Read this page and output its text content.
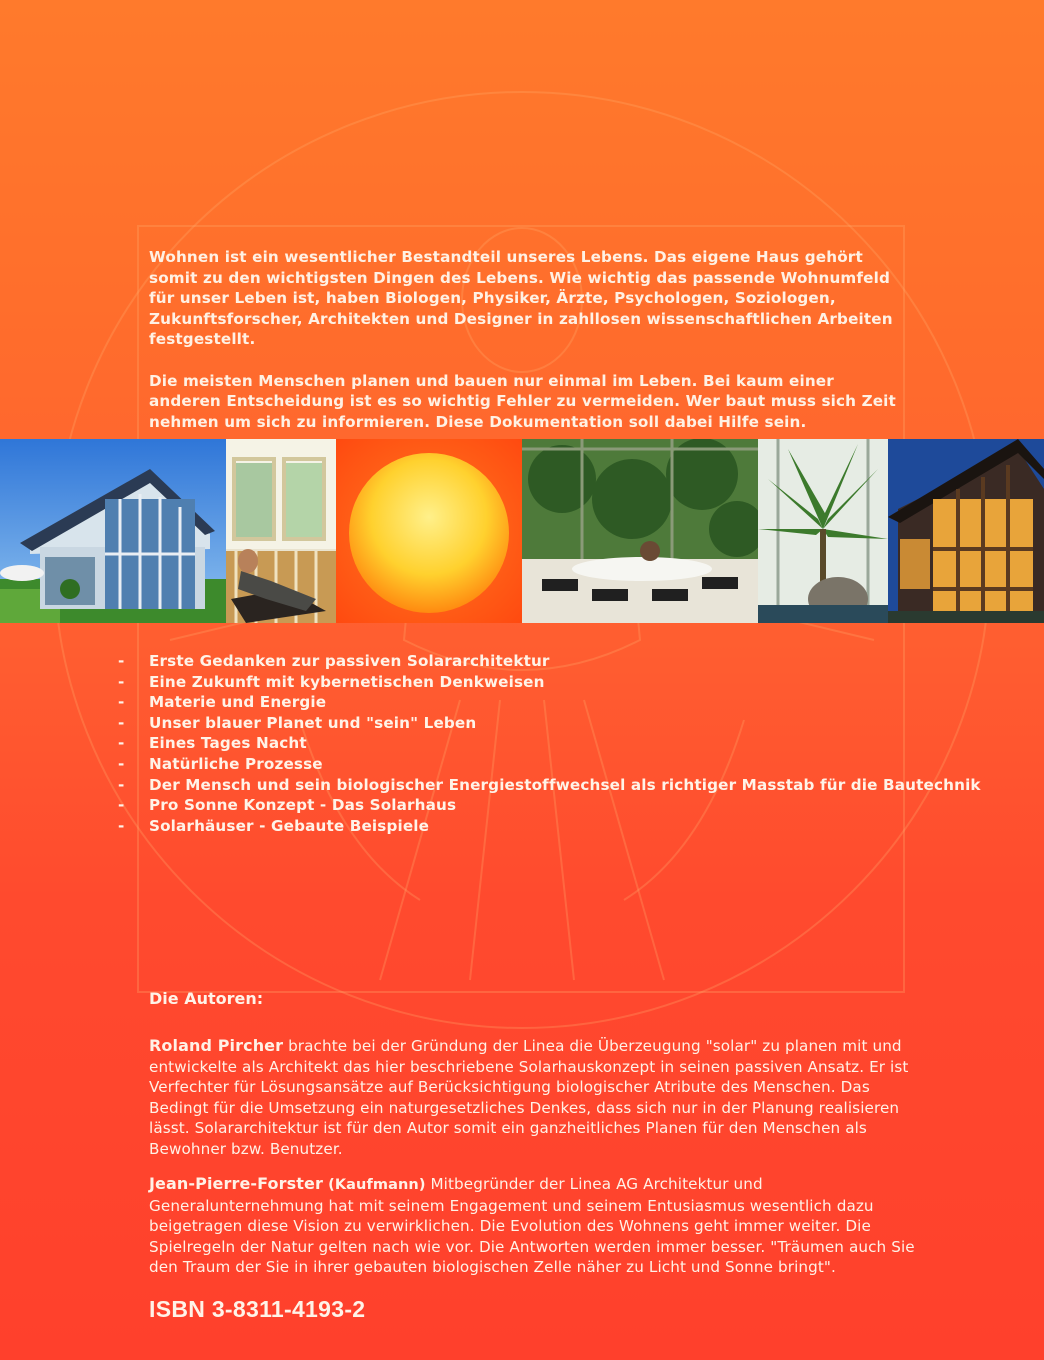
Wohnen ist ein wesentlicher Bestandteil unseres Lebens. Das eigene Haus gehört somit zu den wichtigsten Dingen des Lebens. Wie wichtig das passende Wohnumfeld für unser Leben ist, haben Biologen, Physiker, Ärzte, Psychologen, Soziologen, Zukunftsforscher, Architekten und Designer in zahllosen wissenschaftlichen Arbeiten festgestellt.

Die meisten Menschen planen und bauen nur einmal im Leben. Bei kaum einer anderen Entscheidung ist es so wichtig Fehler zu vermeiden. Wer baut muss sich Zeit nehmen um sich zu informieren. Diese Dokumentation soll dabei Hilfe sein.

- Erste Gedanken zur passiven Solararchitektur
- Eine Zukunft mit kybernetischen Denkweisen
- Materie und Energie
- Unser blauer Planet und "sein" Leben
- Eines Tages Nacht
- Natürliche Prozesse
- Der Mensch und sein biologischer Energiestoffwechsel als richtiger Masstab für die Bautechnik
- Pro Sonne Konzept - Das Solarhaus
- Solarhäuser - Gebaute Beispiele
Die Autoren:

Roland Pircher brachte bei der Gründung der Linea die Überzeugung "solar" zu planen mit und entwickelte als Architekt das hier beschriebene Solarhauskonzept in seinen passiven Ansatz. Er ist Verfechter für Lösungsansätze auf Berücksichtigung biologischer Atribute des Menschen. Das Bedingt für die Umsetzung ein naturgesetzliches Denkes, dass sich nur in der Planung realisieren lässt. Solararchitektur ist für den Autor somit ein ganzheitliches Planen für den Menschen als Bewohner bzw. Benutzer.

Jean-Pierre-Forster (Kaufmann) Mitbegründer der Linea AG Architektur und Generalunternehmung hat mit seinem Engagement und seinem Entusiasmus wesentlich dazu beigetragen diese Vision zu verwirklichen. Die Evolution des Wohnens geht immer weiter. Die Spielregeln der Natur gelten nach wie vor. Die Antworten werden immer besser. "Träumen auch Sie den Traum der Sie in ihrer gebauten biologischen Zelle näher zu Licht und Sonne bringt".

ISBN 3-8311-4193-2
